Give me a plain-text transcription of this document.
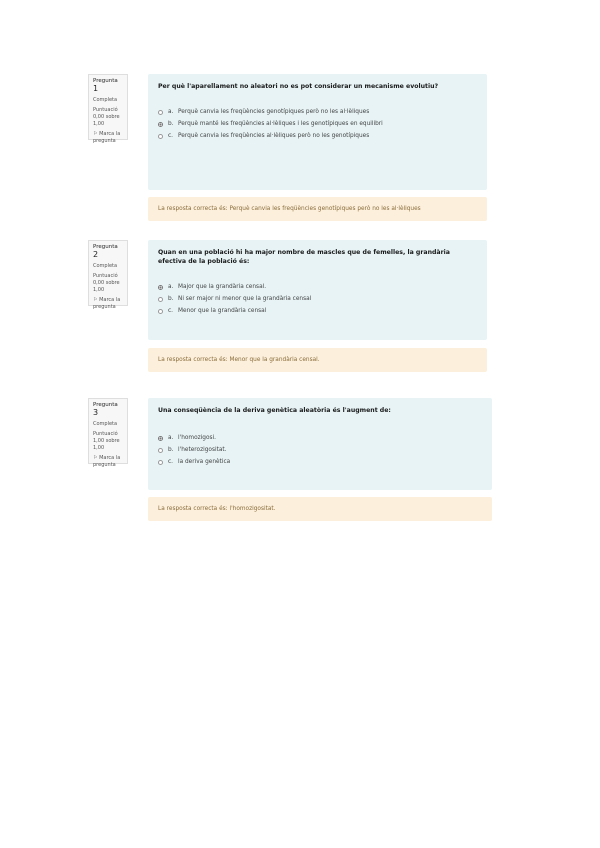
Pregunta 1
Completa
Puntuació 0,00 sobre 1,00
⚐ Marca la pregunta
Per què l'aparellament no aleatori no es pot considerar un mecanisme evolutiu?
a. Perquè canvia les freqüències genotípiques però no les al·lèliques
b. Perquè manté les freqüències al·lèliques i les genotípiques en equilibri
c. Perquè canvia les freqüències al·lèliques però no les genotípiques
La resposta correcta és: Perquè canvia les freqüències genotípiques però no les al·lèliques
Pregunta 2
Completa
Puntuació 0,00 sobre 1,00
⚐ Marca la pregunta
Quan en una població hi ha major nombre de mascles que de femelles, la grandària efectiva de la població és:
a. Major que la grandària censal.
b. Ni ser major ni menor que la grandària censal
c. Menor que la grandària censal
La resposta correcta és: Menor que la grandària censal.
Pregunta 3
Completa
Puntuació 1,00 sobre 1,00
⚐ Marca la pregunta
Una conseqüència de la deriva genètica aleatòria és l'augment de:
a. l'homozigosi.
b. l'heterozigositat.
c. la deriva genètica
La resposta correcta és: l'homozigositat.
